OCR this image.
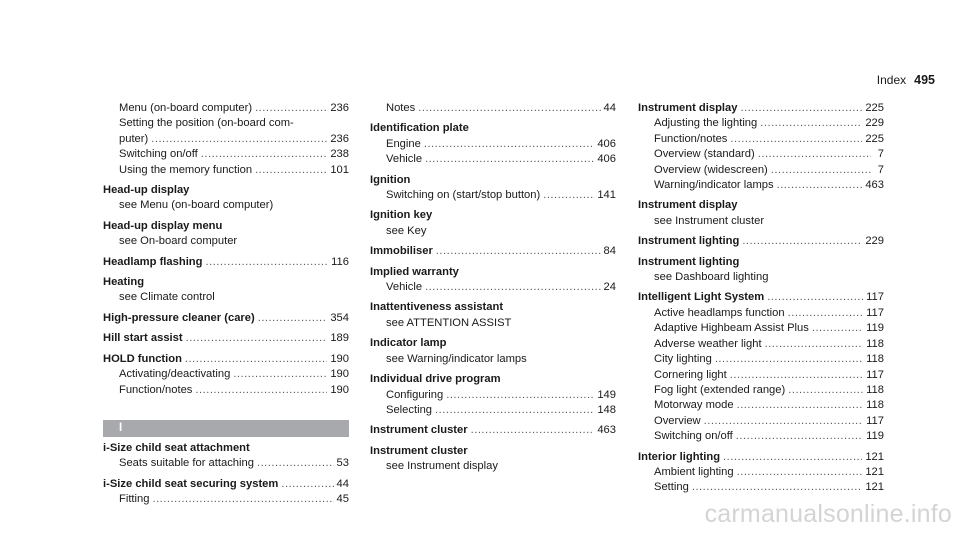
Index 495
Menu (on-board computer) .....	236
Setting the position (on-board com-
puter) .....	236
Switching on/off .....	238
Using the memory function .....	101
Head-up display
see Menu (on-board computer)
Head-up display menu
see On-board computer
Headlamp flashing .....	116
Heating
see Climate control
High-pressure cleaner (care) .....	354
Hill start assist .....	189
HOLD function .....	190
Activating/deactivating .....	190
Function/notes .....	190
I
i-Size child seat attachment
Seats suitable for attaching .....	53
i-Size child seat securing system .....	44
Fitting .....	45
Notes .....	44
Identification plate
Engine .....	406
Vehicle .....	406
Ignition
Switching on (start/stop button) .....	141
Ignition key
see Key
Immobiliser .....	84
Implied warranty
Vehicle .....	24
Inattentiveness assistant
see ATTENTION ASSIST
Indicator lamp
see Warning/indicator lamps
Individual drive program
Configuring .....	149
Selecting .....	148
Instrument cluster .....	463
Instrument cluster
see Instrument display
Instrument display .....	225
Adjusting the lighting .....	229
Function/notes .....	225
Overview (standard) .....	7
Overview (widescreen) .....	7
Warning/indicator lamps .....	463
Instrument display
see Instrument cluster
Instrument lighting .....	229
Instrument lighting
see Dashboard lighting
Intelligent Light System .....	117
Active headlamps function .....	117
Adaptive Highbeam Assist Plus .....	119
Adverse weather light .....	118
City lighting .....	118
Cornering light .....	117
Fog light (extended range) .....	118
Motorway mode .....	118
Overview .....	117
Switching on/off .....	119
Interior lighting .....	121
Ambient lighting .....	121
Setting .....	121
carmanualsonline.info
